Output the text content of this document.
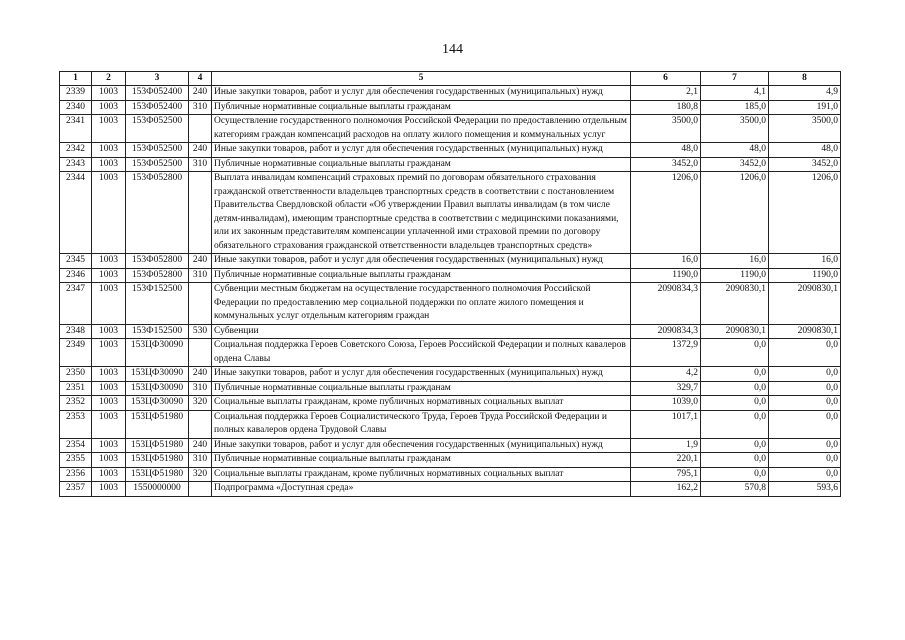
144
1	2	3	4	5	6	7	8
2339	1003	153Ф052400	240	Иные закупки товаров, работ и услуг для обеспечения государственных (муниципальных) нужд	2,1	4,1	4,9
2340	1003	153Ф052400	310	Публичные нормативные социальные выплаты гражданам	180,8	185,0	191,0
2341	1003	153Ф052500		Осуществление государственного полномочия Российской Федерации по предоставлению отдельным категориям граждан компенсаций расходов на оплату жилого помещения и коммунальных услуг	3500,0	3500,0	3500,0
2342	1003	153Ф052500	240	Иные закупки товаров, работ и услуг для обеспечения государственных (муниципальных) нужд	48,0	48,0	48,0
2343	1003	153Ф052500	310	Публичные нормативные социальные выплаты гражданам	3452,0	3452,0	3452,0
2344	1003	153Ф052800		Выплата инвалидам компенсаций страховых премий по договорам обязательного страхования гражданской ответственности владельцев транспортных средств в соответствии с постановлением Правительства Свердловской области «Об утверждении Правил выплаты инвалидам (в том числе детям-инвалидам), имеющим транспортные средства в соответствии с медицинскими показаниями, или их законным представителям компенсации уплаченной ими страховой премии по договору обязательного страхования гражданской ответственности владельцев транспортных средств»	1206,0	1206,0	1206,0
2345	1003	153Ф052800	240	Иные закупки товаров, работ и услуг для обеспечения государственных (муниципальных) нужд	16,0	16,0	16,0
2346	1003	153Ф052800	310	Публичные нормативные социальные выплаты гражданам	1190,0	1190,0	1190,0
2347	1003	153Ф152500		Субвенции местным бюджетам на осуществление государственного полномочия Российской Федерации по предоставлению мер социальной поддержки по оплате жилого помещения и коммунальных услуг отдельным категориям граждан	2090834,3	2090830,1	2090830,1
2348	1003	153Ф152500	530	Субвенции	2090834,3	2090830,1	2090830,1
2349	1003	153ЦФ30090		Социальная поддержка Героев Советского Союза, Героев Российской Федерации и полных кавалеров ордена Славы	1372,9	0,0	0,0
2350	1003	153ЦФ30090	240	Иные закупки товаров, работ и услуг для обеспечения государственных (муниципальных) нужд	4,2	0,0	0,0
2351	1003	153ЦФ30090	310	Публичные нормативные социальные выплаты гражданам	329,7	0,0	0,0
2352	1003	153ЦФ30090	320	Социальные выплаты гражданам, кроме публичных нормативных социальных выплат	1039,0	0,0	0,0
2353	1003	153ЦФ51980		Социальная поддержка Героев Социалистического Труда, Героев Труда Российской Федерации и полных кавалеров ордена Трудовой Славы	1017,1	0,0	0,0
2354	1003	153ЦФ51980	240	Иные закупки товаров, работ и услуг для обеспечения государственных (муниципальных) нужд	1,9	0,0	0,0
2355	1003	153ЦФ51980	310	Публичные нормативные социальные выплаты гражданам	220,1	0,0	0,0
2356	1003	153ЦФ51980	320	Социальные выплаты гражданам, кроме публичных нормативных социальных выплат	795,1	0,0	0,0
2357	1003	1550000000		Подпрограмма «Доступная среда»	162,2	570,8	593,6
